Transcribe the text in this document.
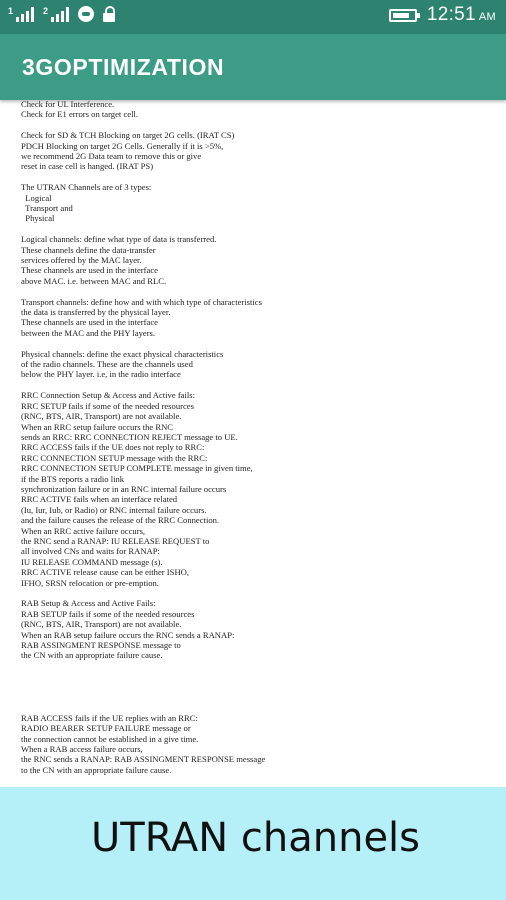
1	2	12:51 AM
3GOPTIMIZATION
Check for UL Interference.
Check for E1 errors on target cell.
Check for SD & TCH Blocking on target 2G cells. (IRAT CS)
PDCH Blocking on target 2G Cells. Generally if it is >5%,
we recommend 2G Data team to remove this or give
reset in case cell is hanged. (IRAT PS)
The UTRAN Channels are of 3 types:
Logical
Transport and
Physical
Logical channels: define what type of data is transferred.
These channels define the data-transfer
services offered by the MAC layer.
These channels are used in the interface
above MAC. i.e. between MAC and RLC.
Transport channels: define how and with which type of characteristics
the data is transferred by the physical layer.
These channels are used in the interface
between the MAC and the PHY layers.
Physical channels: define the exact physical characteristics
of the radio channels. These are the channels used
below the PHY layer. i.e, in the radio interface
RRC Connection Setup & Access and Active fails:
RRC SETUP fails if some of the needed resources
(RNC, BTS, AIR, Transport) are not available.
When an RRC setup failure occurs the RNC
sends an RRC: RRC CONNECTION REJECT message to UE.
RRC ACCESS fails if the UE does not reply to RRC:
RRC CONNECTION SETUP message with the RRC:
RRC CONNECTION SETUP COMPLETE message in given time,
if the BTS reports a radio link
synchronization failure or in an RNC internal failure occurs
RRC ACTIVE fails when an interface related
(Iu, Iur, Iub, or Radio) or RNC internal failure occurs.
and the failure causes the release of the RRC Connection.
When an RRC active failure occurs,
the RNC send a RANAP: IU RELEASE REQUEST to
all involved CNs and waits for RANAP:
IU RELEASE COMMAND message (s).
RRC ACTIVE release cause can be either ISHO,
IFHO, SRSN relocation or pre-emption.
RAB Setup & Access and Active Fails:
RAB SETUP fails if some of the needed resources
(RNC, BTS, AIR, Transport) are not available.
When an RAB setup failure occurs the RNC sends a RANAP:
RAB ASSINGMENT RESPONSE message to
the CN with an appropriate failure cause.
RAB ACCESS fails if the UE replies with an RRC:
RADIO BEARER SETUP FAILURE message or
the connection cannot be established in a give time.
When a RAB access failure occurs,
the RNC sends a RANAP: RAB ASSINGMENT RESPONSE message
to the CN with an appropriate failure cause.
UTRAN channels
